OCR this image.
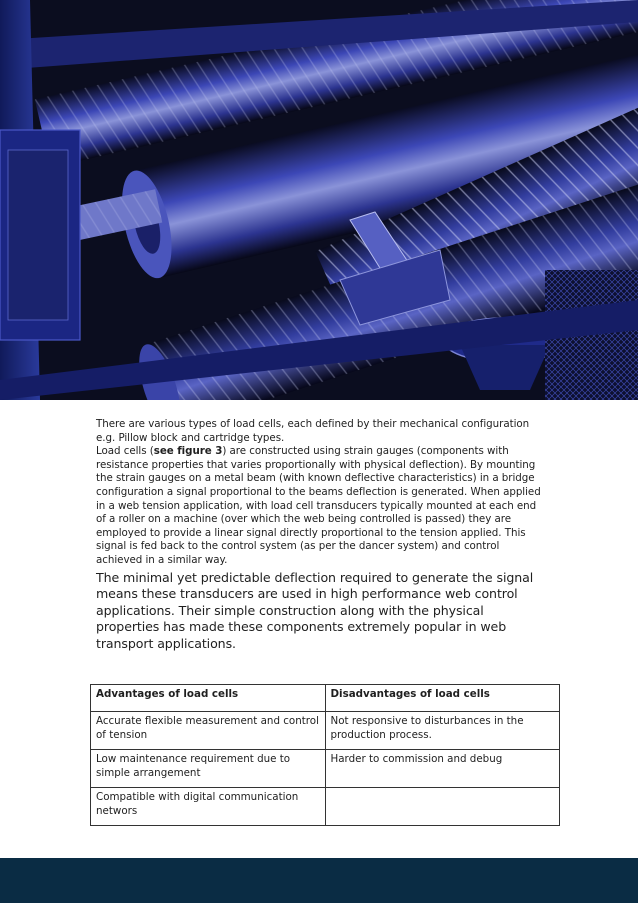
There are various types of load cells, each defined by their mechanical configuration e.g. Pillow block and cartridge types.
Load cells (see figure 3) are constructed using strain gauges (components with resistance properties that varies proportionally with physical deflection). By mounting the strain gauges on a metal beam (with known deflective characteristics) in a bridge configuration a signal proportional to the beams deflection is generated. When applied in a web tension application, with load cell transducers typically mounted at each end of a roller on a machine (over which the web being controlled is passed) they are employed to provide a linear signal directly proportional to the tension applied. This signal is fed back to the control system (as per the dancer system) and control achieved in a similar way.

The minimal yet predictable deflection required to generate the signal means these transducers are used in high performance web control applications. Their simple construction along with the physical properties has made these components extremely popular in web transport applications.

Advantages of load cells	Disadvantages of load cells
Accurate flexible measurement and control of tension	Not responsive to disturbances in the production process.
Low maintenance requirement due to simple arrangement	Harder to commission and debug
Compatible with digital communication networs	
